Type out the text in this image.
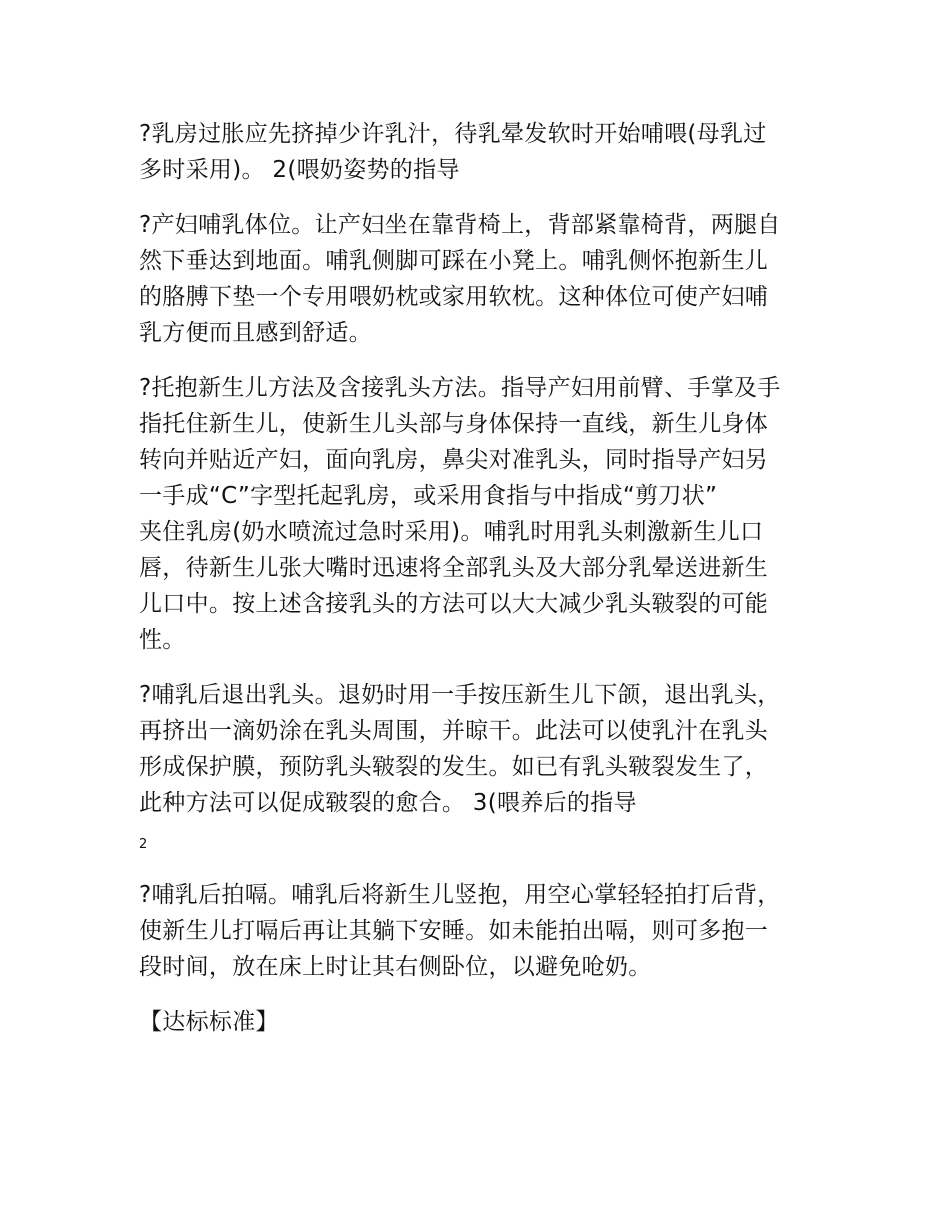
?乳房过胀应先挤掉少许乳汁，待乳晕发软时开始哺喂(母乳过
多时采用)。 2(喂奶姿势的指导

?产妇哺乳体位。让产妇坐在靠背椅上，背部紧靠椅背，两腿自
然下垂达到地面。哺乳侧脚可踩在小凳上。哺乳侧怀抱新生儿
的胳膊下垫一个专用喂奶枕或家用软枕。这种体位可使产妇哺
乳方便而且感到舒适。

?托抱新生儿方法及含接乳头方法。指导产妇用前臂、手掌及手
指托住新生儿，使新生儿头部与身体保持一直线，新生儿身体
转向并贴近产妇，面向乳房，鼻尖对准乳头，同时指导产妇另
一手成“C”字型托起乳房，或采用食指与中指成“剪刀状”
夹住乳房(奶水喷流过急时采用)。哺乳时用乳头刺激新生儿口
唇，待新生儿张大嘴时迅速将全部乳头及大部分乳晕送进新生
儿口中。按上述含接乳头的方法可以大大减少乳头皲裂的可能
性。

?哺乳后退出乳头。退奶时用一手按压新生儿下颌，退出乳头，
再挤出一滴奶涂在乳头周围，并晾干。此法可以使乳汁在乳头
形成保护膜，预防乳头皲裂的发生。如已有乳头皲裂发生了，
此种方法可以促成皲裂的愈合。 3(喂养后的指导

2

?哺乳后拍嗝。哺乳后将新生儿竖抱，用空心掌轻轻拍打后背，
使新生儿打嗝后再让其躺下安睡。如未能拍出嗝，则可多抱一
段时间，放在床上时让其右侧卧位，以避免呛奶。

【达标标准】
